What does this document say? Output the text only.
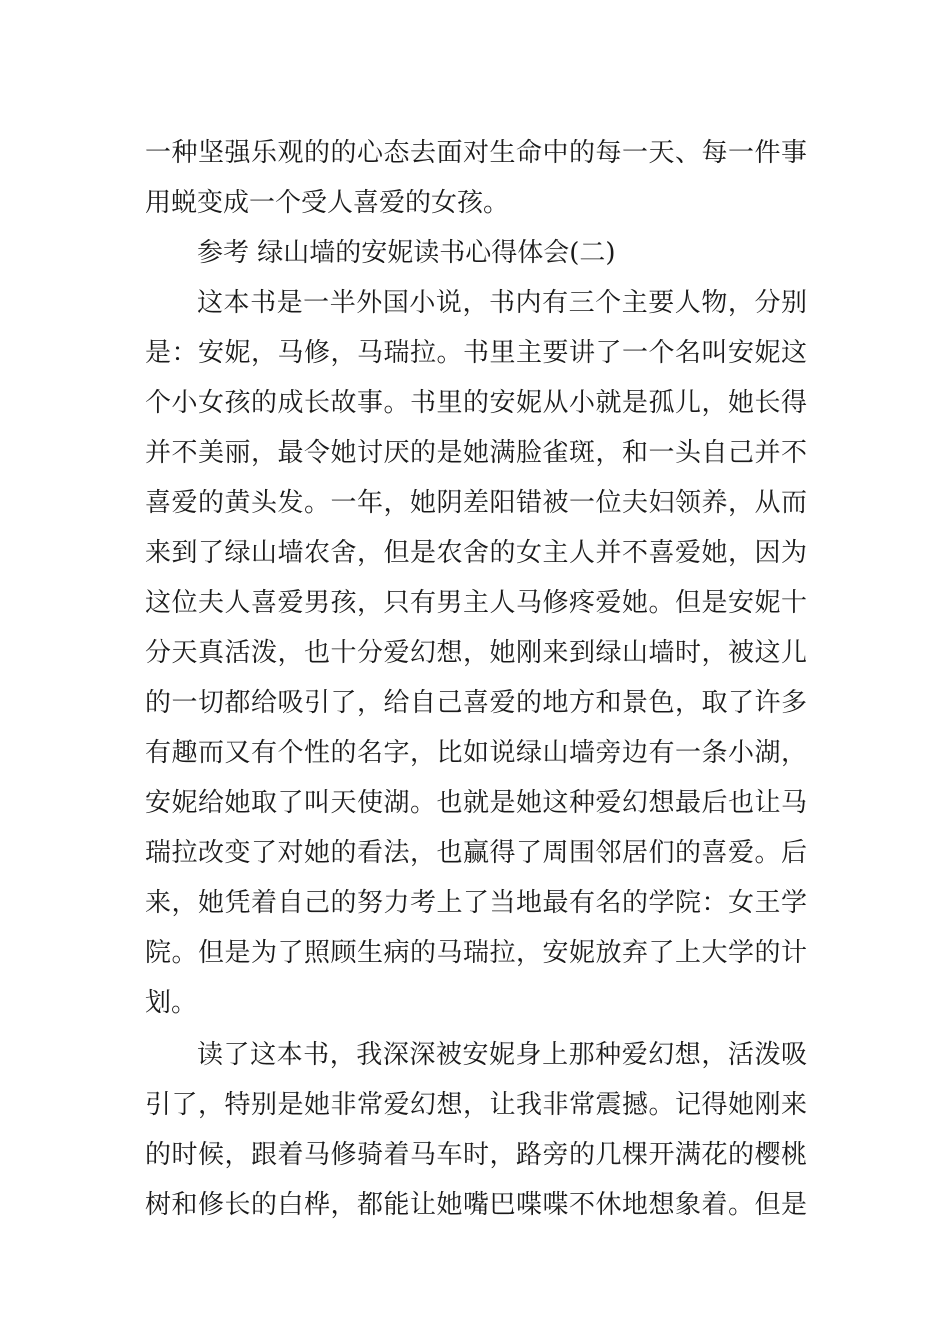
一种坚强乐观的的心态去面对生命中的每一天、每一件事
用蜕变成一个受人喜爱的女孩。
参考 绿山墙的安妮读书心得体会(二)
这本书是一半外国小说，书内有三个主要人物，分别
是：安妮，马修，马瑞拉。书里主要讲了一个名叫安妮这
个小女孩的成长故事。书里的安妮从小就是孤儿，她长得
并不美丽，最令她讨厌的是她满脸雀斑，和一头自己并不
喜爱的黄头发。一年，她阴差阳错被一位夫妇领养，从而
来到了绿山墙农舍，但是农舍的女主人并不喜爱她，因为
这位夫人喜爱男孩，只有男主人马修疼爱她。但是安妮十
分天真活泼，也十分爱幻想，她刚来到绿山墙时，被这儿
的一切都给吸引了，给自己喜爱的地方和景色，取了许多
有趣而又有个性的名字，比如说绿山墙旁边有一条小湖，
安妮给她取了叫天使湖。也就是她这种爱幻想最后也让马
瑞拉改变了对她的看法，也赢得了周围邻居们的喜爱。后
来，她凭着自己的努力考上了当地最有名的学院：女王学
院。但是为了照顾生病的马瑞拉，安妮放弃了上大学的计
划。
读了这本书，我深深被安妮身上那种爱幻想，活泼吸
引了，特别是她非常爱幻想，让我非常震撼。记得她刚来
的时候，跟着马修骑着马车时，路旁的几棵开满花的樱桃
树和修长的白桦，都能让她嘴巴喋喋不休地想象着。但是
